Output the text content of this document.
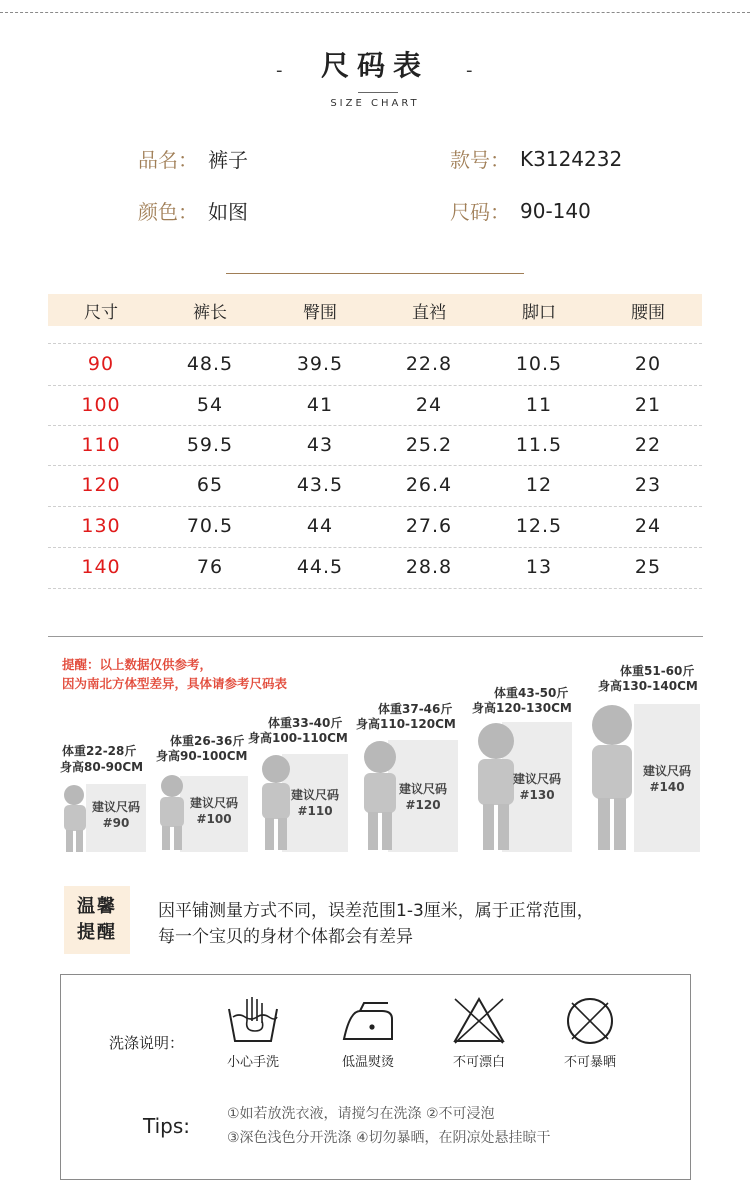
-	尺码表	-
SIZE CHART
品名： 裤子	款号： K3124232
颜色： 如图	尺码： 90-140
尺寸	裤长	臀围	直裆	脚口	腰围
90	48.5	39.5	22.8	10.5	20
100	54	41	24	11	21
110	59.5	43	25.2	11.5	22
120	65	43.5	26.4	12	23
130	70.5	44	27.6	12.5	24
140	76	44.5	28.8	13	25
提醒：以上数据仅供参考，
因为南北方体型差异，具体请参考尺码表
体重22-28斤
身高80-90CM
建议尺码
#90
体重26-36斤
身高90-100CM
建议尺码
#100
体重33-40斤
身高100-110CM
建议尺码
#110
体重37-46斤
身高110-120CM
建议尺码
#120
体重43-50斤
身高120-130CM
建议尺码
#130
体重51-60斤
身高130-140CM
建议尺码
#140
温馨
提醒
因平铺测量方式不同，误差范围1-3厘米，属于正常范围，
每一个宝贝的身材个体都会有差异
洗涤说明：
小心手洗	低温熨烫	不可漂白	不可暴晒
Tips:	①如若放洗衣液，请搅匀在洗涤 ②不可浸泡
③深色浅色分开洗涤 ④切勿暴晒，在阴凉处悬挂晾干
